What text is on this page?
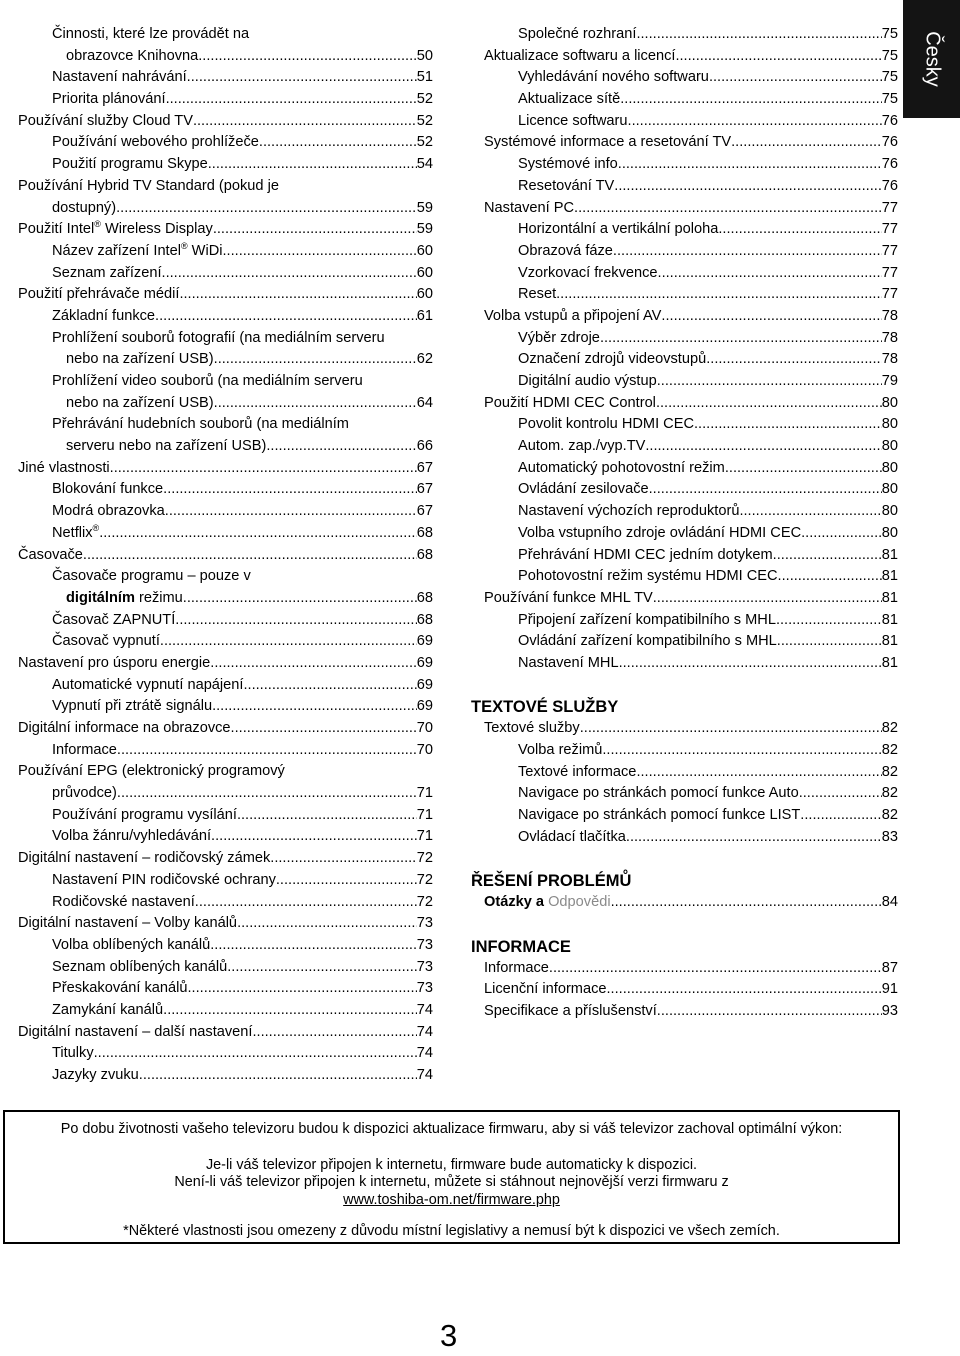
Česky
Činnosti, které lze provádět na
obrazovce Knihovna .....	50
Nastavení nahrávání .....	51
Priorita plánování .....	52
Používání služby Cloud TV .....	52
Používání webového prohlížeče .....	52
Použití programu Skype .....	54
Používání Hybrid TV Standard (pokud je
dostupný) .....	59
Použití Intel® Wireless Display .....	59
Název zařízení Intel® WiDi .....	60
Seznam zařízení .....	60
Použití přehrávače médií .....	60
Základní funkce .....	61
Prohlížení souborů fotografií (na mediálním serveru
nebo na zařízení USB) .....	62
Prohlížení video souborů (na mediálním serveru
nebo na zařízení USB) .....	64
Přehrávání hudebních souborů (na mediálním
serveru nebo na zařízení USB) .....	66
Jiné vlastnosti .....	67
Blokování funkce .....	67
Modrá obrazovka .....	67
Netflix® .....	68
Časovače .....	68
Časovače programu – pouze v
digitálním režimu .....	68
Časovač ZAPNUTÍ .....	68
Časovač vypnutí .....	69
Nastavení pro úsporu energie .....	69
Automatické vypnutí napájení .....	69
Vypnutí při ztrátě signálu .....	69
Digitální informace na obrazovce .....	70
Informace .....	70
Používání EPG (elektronický programový
průvodce) .....	71
Používání programu vysílání .....	71
Volba žánru/vyhledávání .....	71
Digitální nastavení – rodičovský zámek .....	72
Nastavení PIN rodičovské ochrany .....	72
Rodičovské nastavení .....	72
Digitální nastavení – Volby kanálů .....	73
Volba oblíbených kanálů .....	73
Seznam oblíbených kanálů .....	73
Přeskakování kanálů .....	73
Zamykání kanálů .....	74
Digitální nastavení – další nastavení .....	74
Titulky .....	74
Jazyky zvuku .....	74
Společné rozhraní .....	75
Aktualizace softwaru a licencí .....	75
Vyhledávání nového softwaru .....	75
Aktualizace sítě .....	75
Licence softwaru .....	76
Systémové informace a resetování TV .....	76
Systémové info. .....	76
Resetování TV .....	76
Nastavení PC .....	77
Horizontální a vertikální poloha .....	77
Obrazová fáze .....	77
Vzorkovací frekvence .....	77
Reset .....	77
Volba vstupů a připojení AV .....	78
Výběr zdroje .....	78
Označení zdrojů videovstupů .....	78
Digitální audio výstup .....	79
Použití HDMI CEC Control .....	80
Povolit kontrolu HDMI CEC .....	80
Autom. zap./vyp.TV .....	80
Automatický pohotovostní režim .....	80
Ovládání zesilovače .....	80
Nastavení výchozích reproduktorů .....	80
Volba vstupního zdroje ovládání HDMI CEC .....	80
Přehrávání HDMI CEC jedním dotykem .....	81
Pohotovostní režim systému HDMI CEC .....	81
Používání funkce MHL TV .....	81
Připojení zařízení kompatibilního s MHL .....	81
Ovládání zařízení kompatibilního s MHL .....	81
Nastavení MHL .....	81
TEXTOVÉ SLUŽBY
Textové služby .....	82
Volba režimů .....	82
Textové informace .....	82
Navigace po stránkách pomocí funkce Auto .....	82
Navigace po stránkách pomocí funkce LIST .....	82
Ovládací tlačítka .....	83
ŘEŠENÍ PROBLÉMŮ
Otázky a Odpovědi .....	84
INFORMACE
Informace .....	87
Licenční informace .....	91
Specifikace a příslušenství .....	93

Po dobu životnosti vašeho televizoru budou k dispozici aktualizace firmwaru, aby si váš televizor zachoval optimální výkon:

Je-li váš televizor připojen k internetu, firmware bude automaticky k dispozici.

Není-li váš televizor připojen k internetu, můžete si stáhnout nejnovější verzi firmwaru z

www.toshiba-om.net/firmware.php

*Některé vlastnosti jsou omezeny z důvodu místní legislativy a nemusí být k dispozici ve všech zemích.

3
